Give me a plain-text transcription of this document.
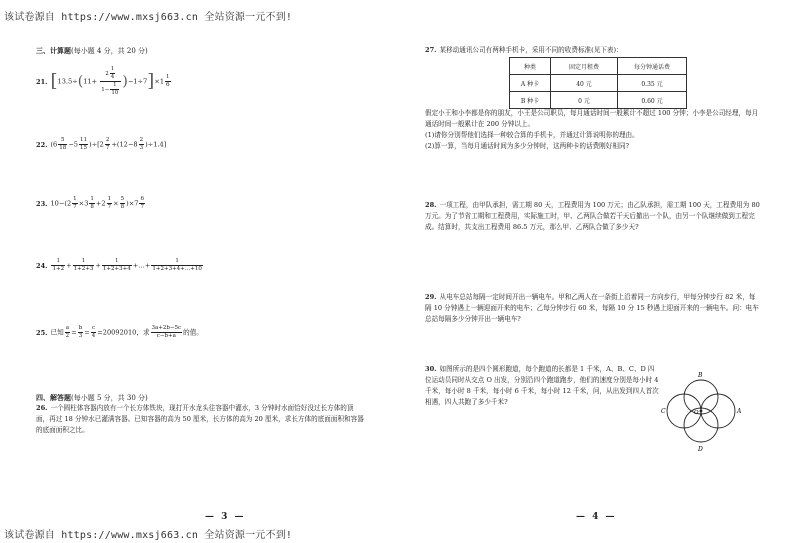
该试卷源自 https://www.mxsj663.cn 全站资源一元不到!
三、计算题(每小题 4 分，共 20 分)
21. $[13.5\div(11+ \frac{2 \frac{1}{4}}{1- \frac{1}{10}} )-1\div 7]\times 1 \frac{1}{6}$
22. $(6 \frac{5}{18} -5 \frac{11}{15} )\div[2 \frac{2}{7} +(12-8 \frac{2}{3} )\div 1.4]$
23. $10-(2 \frac{1}{7} \times 3 \frac{1}{8} +2 \frac{1}{7} \times \frac{5}{8} )\times 7 \frac{6}{7}$
24. $\frac{1}{1+2} + \frac{1}{1+2+3} + \frac{1}{1+2+3+4}$ +…+ $\frac{1}{1+2+3+4+\dots+10}$
25. 已知 $\frac{a}{2} = \frac{b}{3} = \frac{c}{4} =20092010$，求 $\frac{3a+2b-5c}{c-b+a}$ 的值。
四、解答题(每小题 5 分，共 30 分)
26. 一个圆柱体容器内放有一个长方体铁块，现打开水龙头往容器中灌水，3 分钟时水面恰好没过长方体的顶面，再过 18 分钟水已灌满容器。已知容器的高为 50 厘米，长方体的高为 20 厘米，求长方体的底面面积和容器的底面面积之比。
— 3 —
27. 某移动通讯公司有两种手机卡，采用不同的收费标准(见下表)：
种类	固定月租费	每分钟通话费
A 种卡	40 元	0.35 元
B 种卡	0 元	0.60 元
假定小王和小李都是你的朋友，小王是公司职员，每月通话时间一般累计不超过 100 分钟；小李是公司经理，每月通话时间一般累计在 200 分钟以上。
(1)请你分别帮他们选择一种较合算的手机卡，并通过计算说明你的理由。
(2)算一算，当每月通话时间为多少分钟时，这两种卡的话费刚好相同?
28. 一项工程，由甲队承担，需工期 80 天，工程费用为 100 万元；由乙队承担，需工期 100 天，工程费用为 80 万元。为了节省工期和工程费用，实际施工时，甲、乙两队合做若干天后撤出一个队，由另一个队继续做到工程完成。结算时，共支出工程费用 86.5 万元，那么甲、乙两队合做了多少天?
29. 从电车总站每隔一定时间开出一辆电车。甲和乙两人在一条街上沿着同一方向步行，甲每分钟步行 82 米，每隔 10 分钟遇上一辆迎面开来的电车；乙每分钟步行 60 米，每隔 10 分 15 秒遇上迎面开来的一辆电车。问：电车总站每隔多少分钟开出一辆电车?
30. 如图所示的是四个圆形跑道，每个跑道的长都是 1 千米，A、B、C、D 四位运动员同时从交点 O 出发，分别沿四个跑道跑步，他们的速度分别是每小时 4 千米，每小时 8 千米，每小时 6 千米，每小时 12 千米，问，从出发到四人首次相遇，四人共跑了多少千米?
B
C	A
D
O
— 4 —
该试卷源自 https://www.mxsj663.cn 全站资源一元不到!
